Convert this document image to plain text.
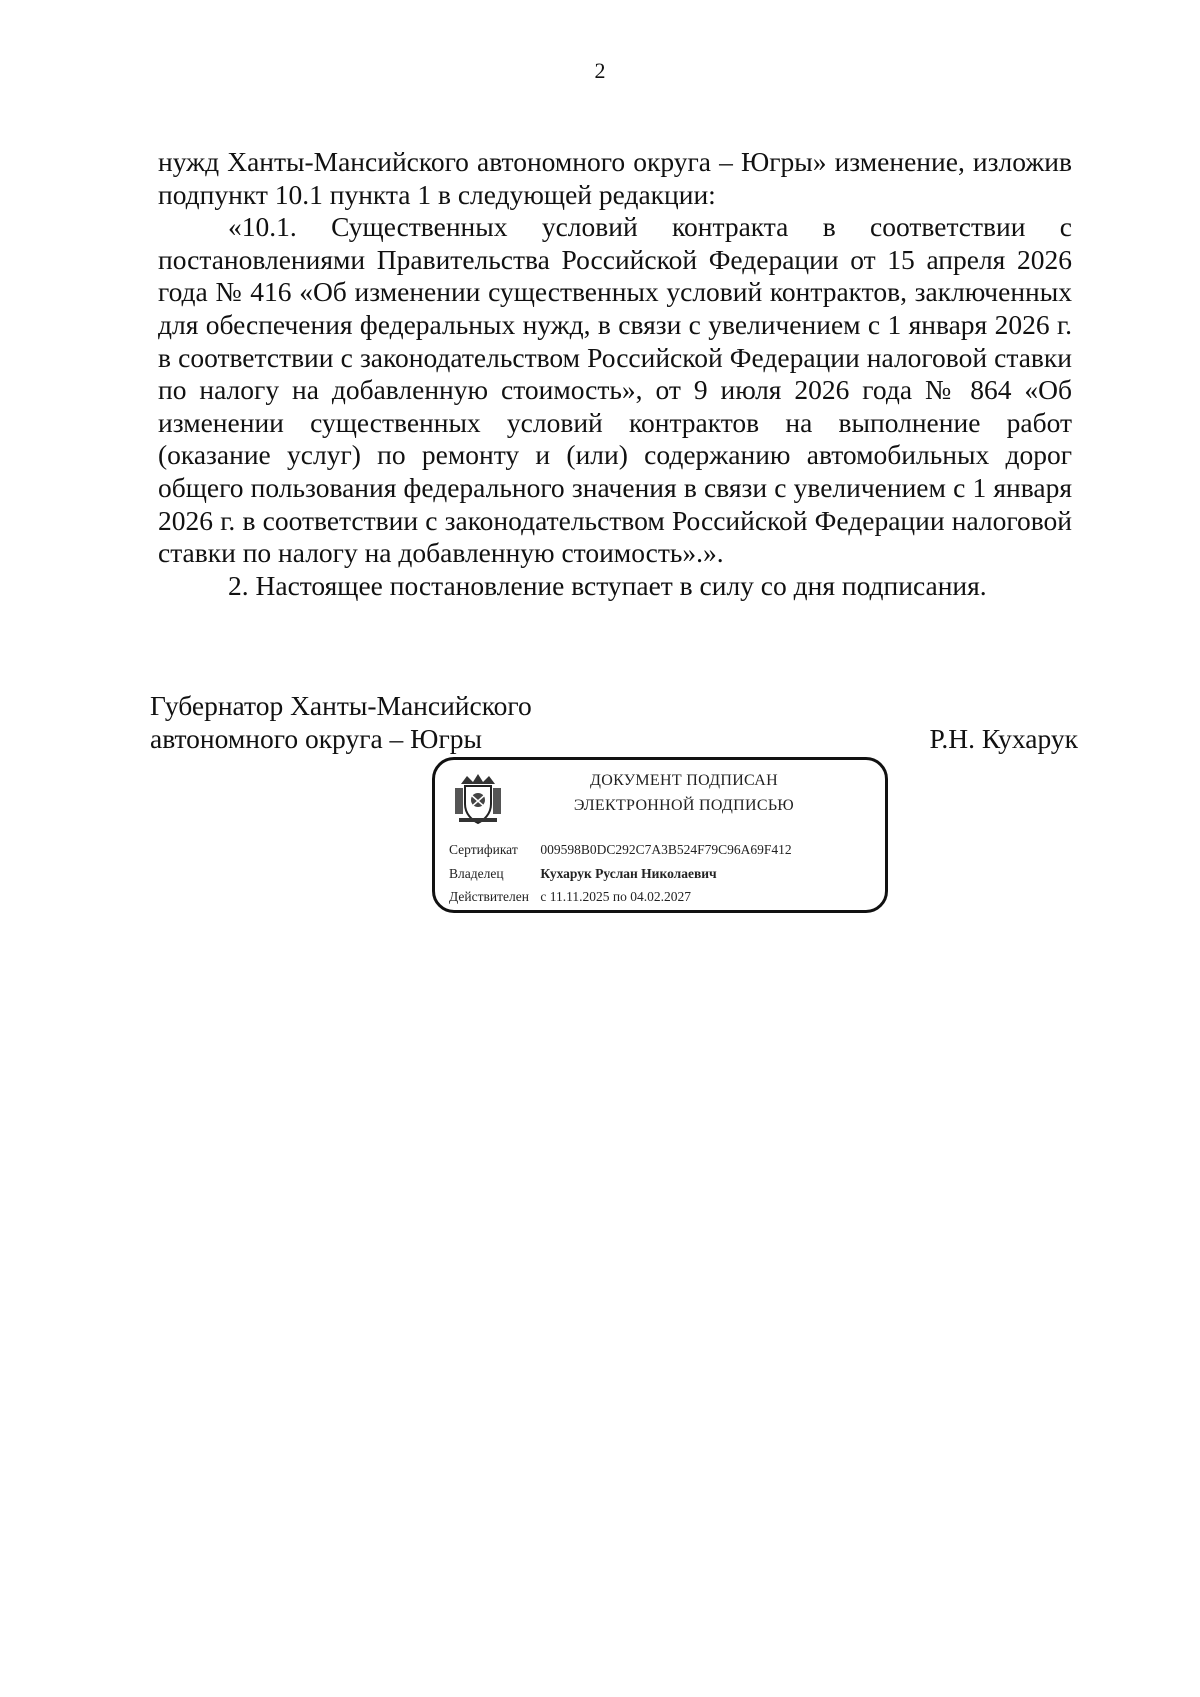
2

нужд Ханты-Мансийского автономного округа – Югры» изменение, изложив подпункт 10.1 пункта 1 в следующей редакции:

«10.1. Существенных условий контракта в соответствии с постановлениями Правительства Российской Федерации от 15 апреля 2026 года № 416 «Об изменении существенных условий контрактов, заключенных для обеспечения федеральных нужд, в связи с увеличением с 1 января 2026 г. в соответствии с законодательством Российской Федерации налоговой ставки по налогу на добавленную стоимость», от 9 июля 2026 года № 864 «Об изменении существенных условий контрактов на выполнение работ (оказание услуг) по ремонту и (или) содержанию автомобильных дорог общего пользования федерального значения в связи с увеличением с 1 января 2026 г. в соответствии с законодательством Российской Федерации налоговой ставки по налогу на добавленную стоимость».».

2. Настоящее постановление вступает в силу со дня подписания.

Губернатор Ханты-Мансийского
автономного округа – Югры	Р.Н. Кухарук
ДОКУМЕНТ ПОДПИСАН
ЭЛЕКТРОННОЙ ПОДПИСЬЮ
Сертификат 009598B0DC292C7A3B524F79C96A69F412
Владелец	Кухарук Руслан Николаевич
Действителен с 11.11.2025 по 04.02.2027
